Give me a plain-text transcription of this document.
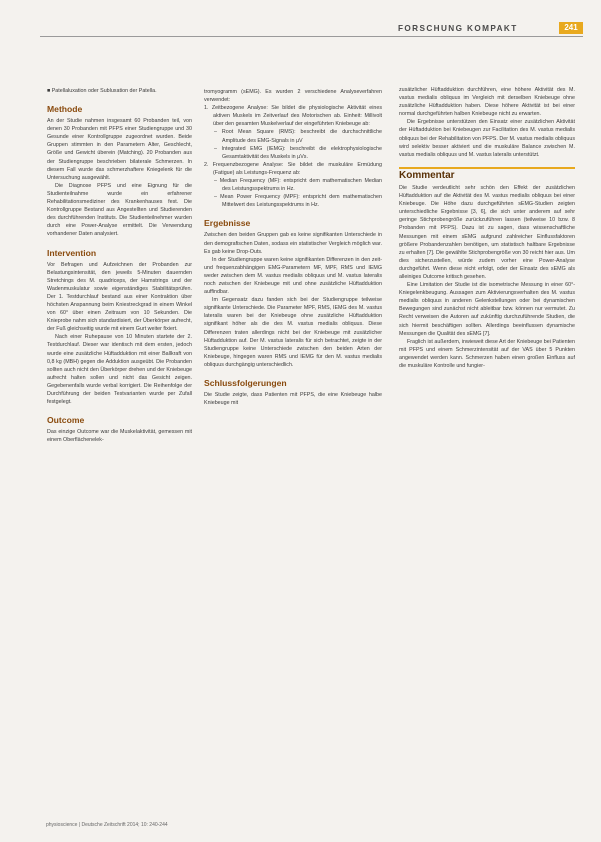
FORSCHUNG KOMPAKT	241

■ Patellaluxation oder Subluxation der Patella.

Methode

An der Studie nahmen insgesamt 60 Probanden teil, von denen 30 Probanden mit PFPS einer Studiengruppe und 30 Gesunde einer Kontrollgruppe zugeordnet wurden. Beide Gruppen stimmten in den Parametern Alter, Geschlecht, Größe und Gewicht überein (Matching). 20 Probanden aus der Studiengruppe beschrieben bilaterale Schmerzen. In diesem Fall wurde das schmerzhaftere Kniegelenk für die Untersuchung ausgewählt.

Die Diagnose PFPS und eine Eignung für die Studienteilnahme wurde ein erfahrener Rehabilitationsmediziner des Krankenhauses fest. Die Kontrollgruppe Bestand aus Angestellten und Studierenden des durchführenden Instituts. Die Studienteilnehmer wurden durch eine Power-Analyse ermittelt. Die Verwendung vorhandener Daten analysiert.

Intervention

Vor Befragen und Aufzeichnen der Probanden zur Belastungsintensität, den jeweils 5-Minuten dauernden Stretchings des M. quadriceps, der Hamstrings und der Wadenmuskulatur sowie eigenständiges Stabilitätsprüfen. Der 1. Testdurchlauf bestand aus einer Kontraktion über höchsten Anspannung beim Kniestreckgrad in einem Winkel von 60° über einen Zeitraum von 10 Sekunden. Die Knieprobe nahm sich standardisiert, der Überkörper aufrecht, der Fuß gleichseitig wurde mit einem Gurt weiter fixiert.

Nach einer Ruhepause von 10 Minuten startete der 2. Testdurchlauf. Dieser war identisch mit dem ersten, jedoch wurde eine zusätzliche Hüftadduktion mit einer Ballkraft von 0,8 kg (MBH) gegen die Adduktion ausgeübt. Die Probanden sollten auch nicht den Überkörper drehen und der Kniebeuge aufrecht halten sollen und nicht das Gesicht zeigen. Gegebenenfalls wurde verbal korrigiert. Die Reihenfolge der Durchführung der beiden Testvarianten wurde per Zufall festgelegt.

Outcome

Das einzige Outcome war die Muskelaktivität, gemessen mit einem Oberflächenelek-

tromyogramm (sEMG). Es wurden 2 verschiedene Analyseverfahren verwendet:

1. Zeitbezogene Analyse: Sie bildet die physiologische Aktivität eines aktiven Muskels im Zeitverlauf des Motorischen ab. Einheit: Millivolt über den gesamten Muskelverlauf der eingeführten Kniebeuge ab:

– Root Mean Square (RMS): beschreibt die durchschnittliche Amplitude des EMG-Signals in µV

– Integrated EMG (IEMG): beschreibt die elektrophysiologische Gesamtaktivität des Muskels in µVs.

2. Frequenzbezogene Analyse: Sie bildet die muskuläre Ermüdung (Fatigue) als Leistungs-Frequenz ab:

– Median Frequency (MF): entspricht dem mathematischen Median des Leistungsspektrums in Hz.

– Mean Power Frequency (MPF): entspricht dem mathematischen Mittelwert des Leistungsspektrums in Hz.

Ergebnisse

Zwischen den beiden Gruppen gab es keine signifikanten Unterschiede in den demografischen Daten, sodass ein statistischer Vergleich möglich war. Es gab keine Drop-Outs.

In der Studiengruppe waren keine signifikanten Differenzen in den zeit- und frequenzabhängigen EMG-Parametern MF, MPF, RMS und IEMG weder zwischen dem M. vastus medialis obliquus und M. vastus lateralis noch zwischen der Kniebeuge mit und ohne zusätzliche Hüftadduktion auffindbar.

Im Gegensatz dazu fanden sich bei der Studiengruppe teilweise signifikante Unterschiede. Die Parameter MPF, RMS, IEMG des M. vastus lateralis waren bei der Kniebeuge ohne zusätzliche Hüftadduktion signifikant höher als die des M. vastus medialis obliquus. Diese Differenzen traten allerdings nicht bei der Kniebeuge mit zusätzlicher Hüftadduktion auf. Der M. vastus lateralis für sich betrachtet, zeigte in der Studiengruppe keine Unterschiede zwischen den beiden Arten der Kniebeuge, hingegen waren RMS und IEMG für den M. vastus medialis obliquus durchgängig unterschiedlich.

Schlussfolgerungen

Die Studie zeigte, dass Patienten mit PFPS, die eine Kniebeuge halbe Kniebeuge mit

zusätzlicher Hüftadduktion durchführen, eine höhere Aktivität des M. vastus medialis obliquus im Vergleich mit derselben Kniebeuge ohne zusätzliche Hüftadduktion haben. Diese höhere Aktivität ist bei einer normal durchgeführten halben Kniebeuge nicht zu erwarten.

Die Ergebnisse unterstützen den Einsatz einer zusätzlichen Aktivität der Hüftadduktion bei Kniebeugen zur Facilitation des M. vastus medialis obliquus bei der Rehabilitation von PFPS. Der M. vastus medialis obliquus wird selektiv besser aktiviert und die muskuläre Balance zwischen M. vastus medialis obliquus und M. vastus lateralis unterstützt.

Kommentar

Die Studie verdeutlicht sehr schön den Effekt der zusätzlichen Hüftadduktion auf die Aktivität des M. vastus medialis obliquus bei einer Kniebeuge. Die Höhe dazu durchgeführten sEMG-Studien zeigten unterschiedliche Ergebnisse [3, 6], die sich unter anderem auf sehr geringe Stichprobengröße zurückzuführen lassen (teilweise 10 bzw. 8 Probanden mit PFPS). Dazu ist zu sagen, dass wissenschaftliche Messungen mit einem sEMG aufgrund zahlreicher Einflussfaktoren größere Probandenzahlen benötigen, um statistisch haltbare Ergebnisse zu erhalten [7]. Die gewählte Stichprobengröße von 30 reicht hier aus. Um dies sicherzustellen, würde zudem vorher eine Power-Analyse durchgeführt. Wenn diese nicht erfolgt, oder der Einsatz des sEMG als alleiniges Outcome kritisch gesehen.

Eine Limitation der Studie ist die isometrische Messung in einer 60°-Kniegelenkbeugung. Aussagen zum Aktivierungsverhalten des M. vastus medialis obliquus in anderen Gelenkstellungen oder bei dynamischen Bewegungen sind zunächst nicht ableitbar bzw. können nur vermutet. Zu Recht verweisen die Autoren auf zukünftig durchzuführende Studien, die sich hiermit beschäftigen sollten. Allerdings beeinflussen dynamische Messungen die Qualität des sEMG [7].

Fraglich ist außerdem, inwieweit diese Art der Kniebeuge bei Patienten mit PFPS und einem Schmerzintensität auf der VAS über 5 Punkten angewendet werden kann. Schmerzen haben einen großen Einfluss auf die muskuläre Kontrolle und fungier-

physioscience | Deutsche Zeitschrift 2014; 10: 240-244
